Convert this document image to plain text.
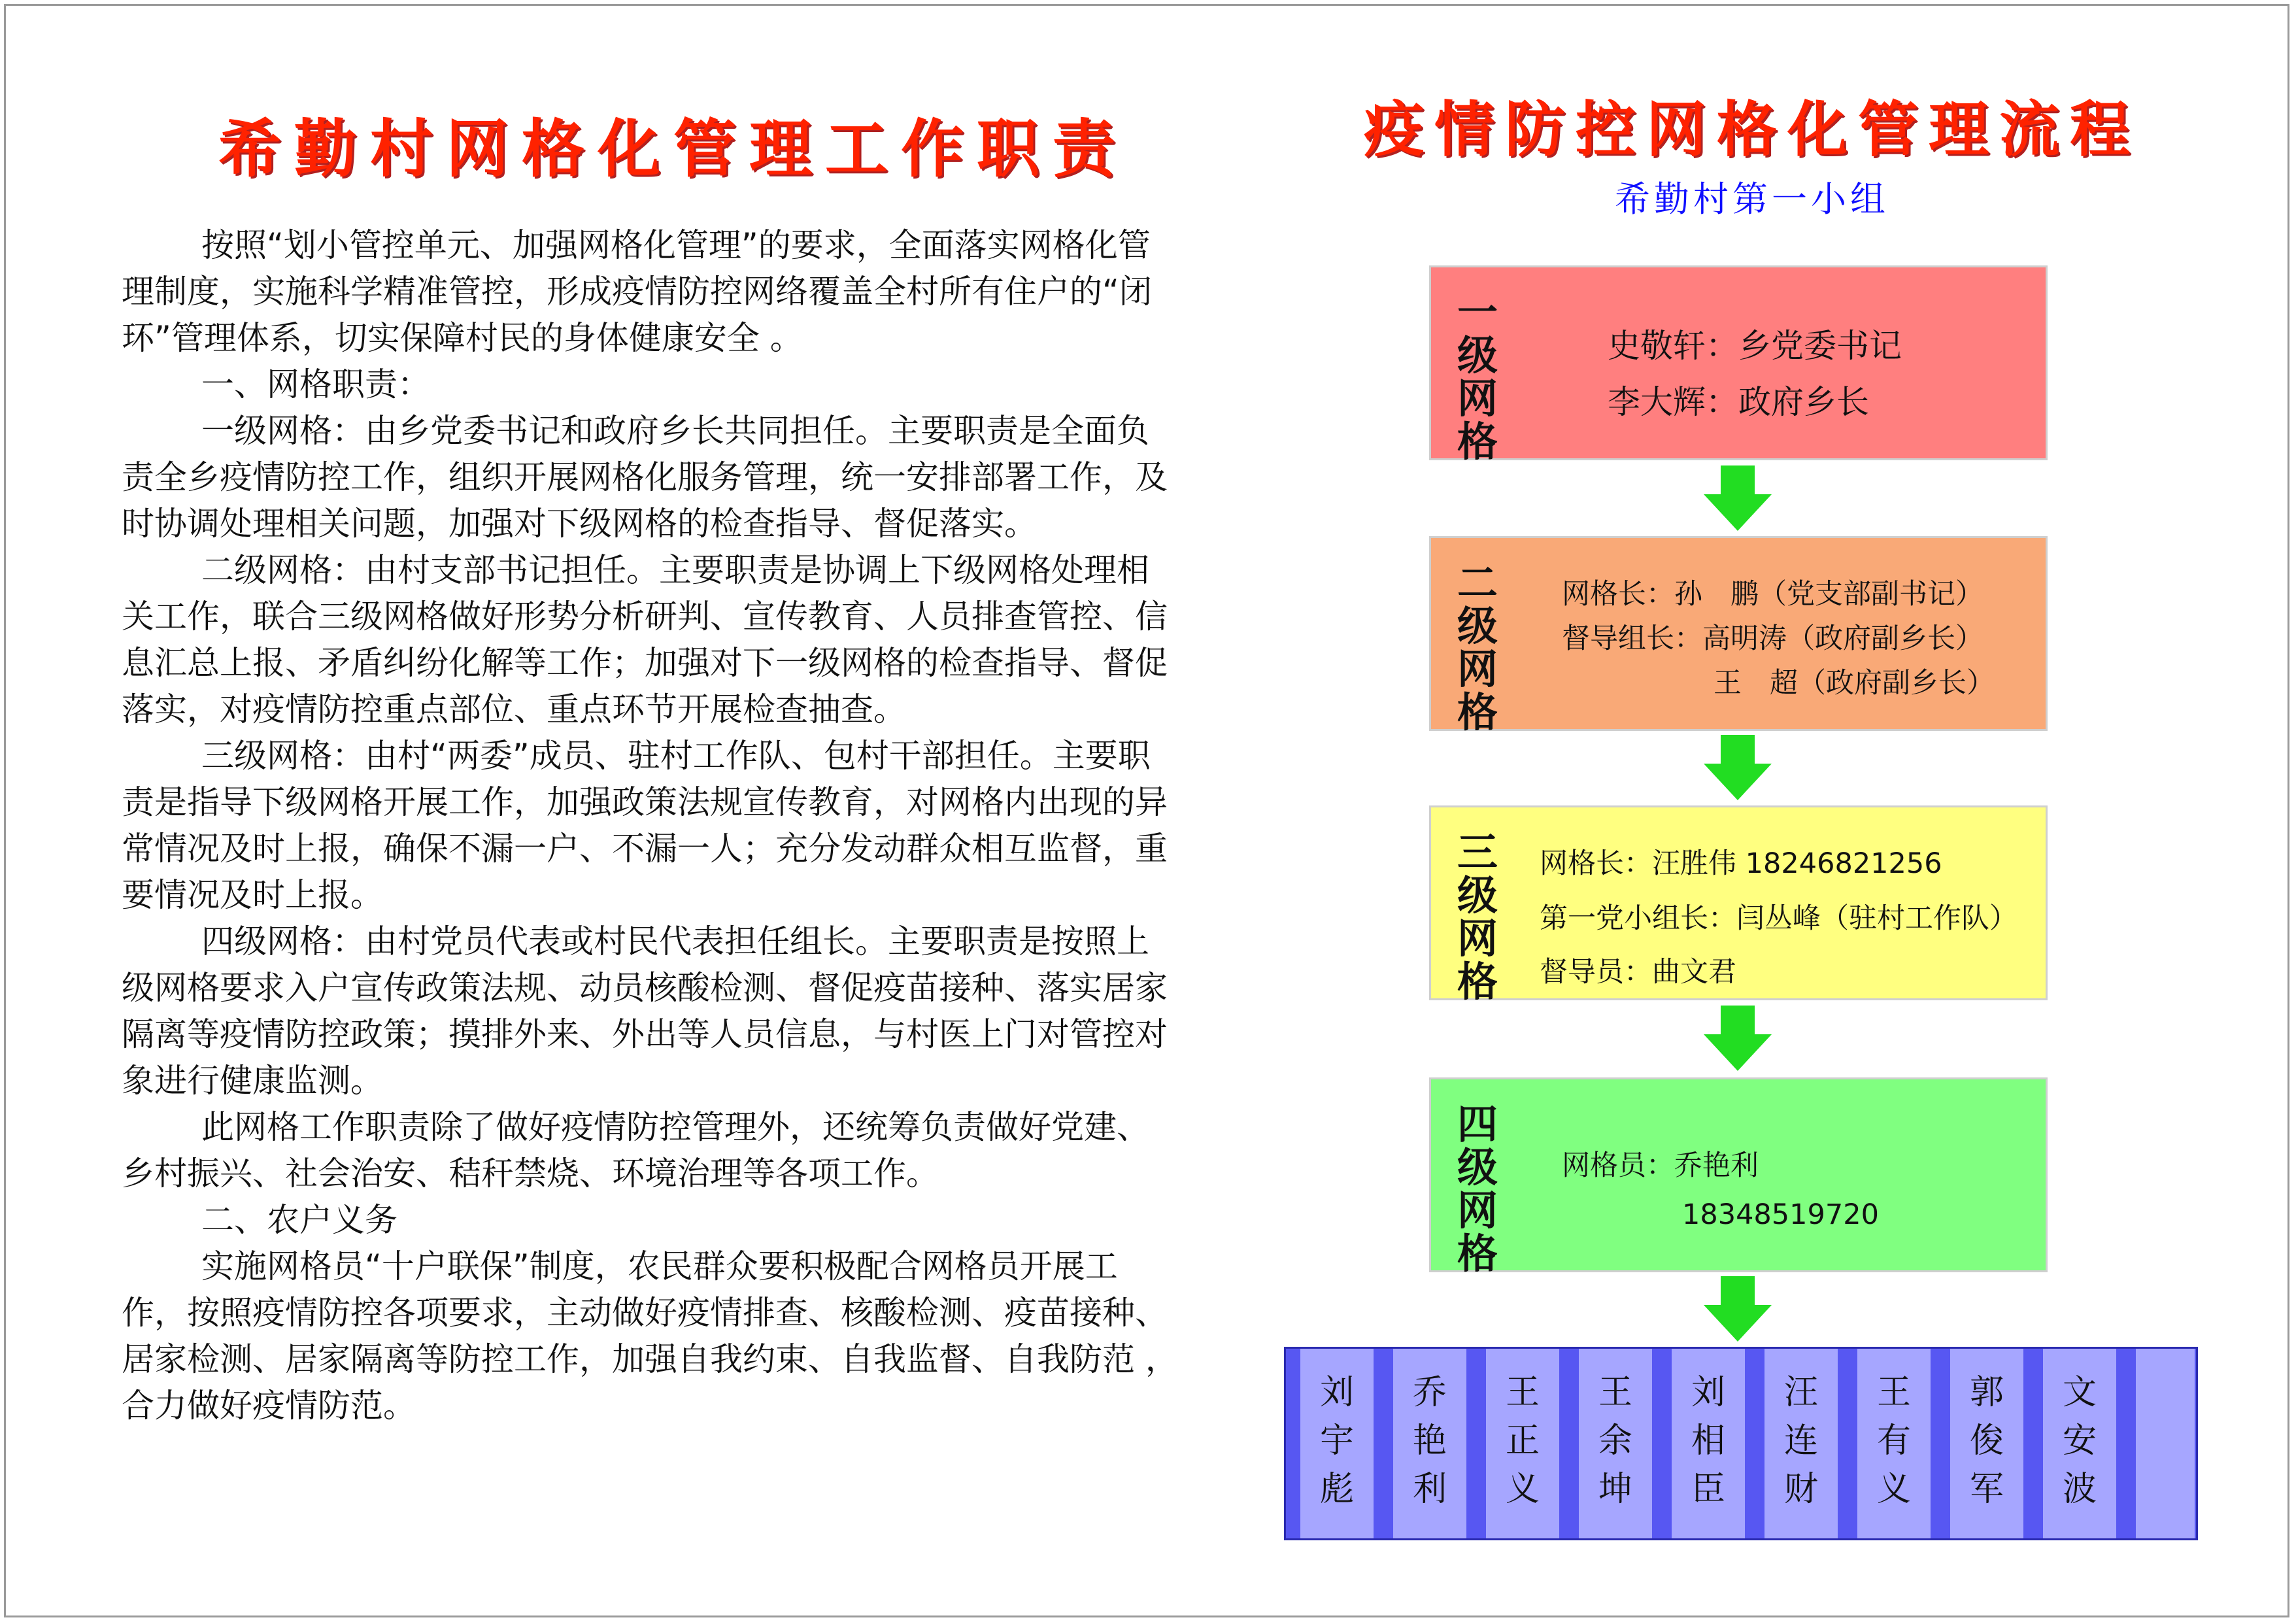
希勤村网格化管理工作职责

按照“划小管控单元、加强网格化管理”的要求，全面落实网格化管理制度，实施科学精准管控，形成疫情防控网络覆盖全村所有住户的“闭环”管理体系，切实保障村民的身体健康安全 。

一、网格职责：

一级网格：由乡党委书记和政府乡长共同担任。主要职责是全面负责全乡疫情防控工作，组织开展网格化服务管理，统一安排部署工作，及时协调处理相关问题，加强对下级网格的检查指导、督促落实。

二级网格：由村支部书记担任。主要职责是协调上下级网格处理相关工作，联合三级网格做好形势分析研判、宣传教育、人员排查管控、信息汇总上报、矛盾纠纷化解等工作；加强对下一级网格的检查指导、督促落实，对疫情防控重点部位、重点环节开展检查抽查。

三级网格：由村“两委”成员、驻村工作队、包村干部担任。主要职责是指导下级网格开展工作，加强政策法规宣传教育，对网格内出现的异常情况及时上报，确保不漏一户、不漏一人；充分发动群众相互监督，重要情况及时上报。

四级网格：由村党员代表或村民代表担任组长。主要职责是按照上级网格要求入户宣传政策法规、动员核酸检测、督促疫苗接种、落实居家隔离等疫情防控政策；摸排外来、外出等人员信息，与村医上门对管控对象进行健康监测。

此网格工作职责除了做好疫情防控管理外，还统筹负责做好党建、乡村振兴、社会治安、秸秆禁烧、环境治理等各项工作。

二、农户义务

实施网格员“十户联保”制度，农民群众要积极配合网格员开展工作，按照疫情防控各项要求，主动做好疫情排查、核酸检测、疫苗接种、居家检测、居家隔离等防控工作，加强自我约束、自我监督、自我防范 ，合力做好疫情防范。

疫情防控网格化管理流程
希勤村第一小组
一级网格
史敬轩：乡党委书记
李大辉：政府乡长
二级网格
网格长：孙　鹏（党支部副书记）
督导组长：高明涛（政府副乡长）
王　超（政府副乡长）
三级网格
网格长：汪胜伟 18246821256
第一党小组长：闫丛峰（驻村工作队）
督导员：曲文君
四级网格
网格员：乔艳利
18348519720
刘
宇
彪
乔
艳
利
王
正
义
王
余
坤
刘
相
臣
汪
连
财
王
有
义
郭
俊
军
文
安
波
